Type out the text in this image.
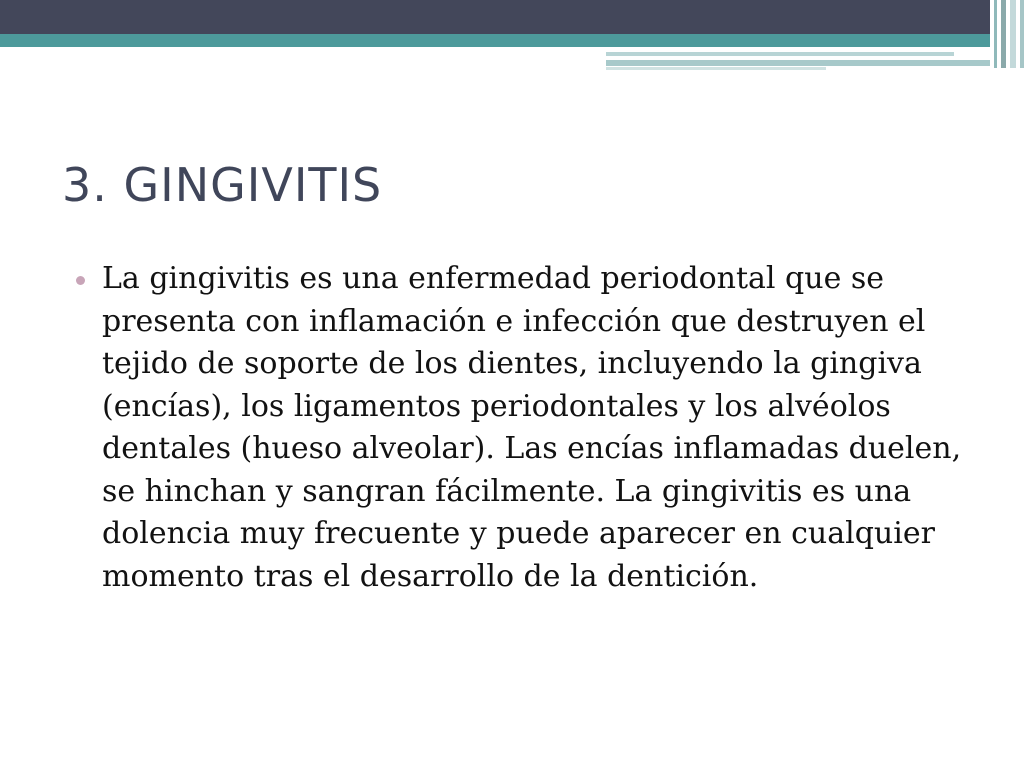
3. GINGIVITIS
La gingivitis es una enfermedad periodontal que se presenta con inflamación e infección que destruyen el tejido de soporte de los dientes, incluyendo la gingiva (encías), los ligamentos periodontales y los alvéolos dentales (hueso alveolar). Las encías inflamadas duelen, se hinchan y sangran fácilmente. La gingivitis es una dolencia muy frecuente y puede aparecer en cualquier momento tras el desarrollo de la dentición.
